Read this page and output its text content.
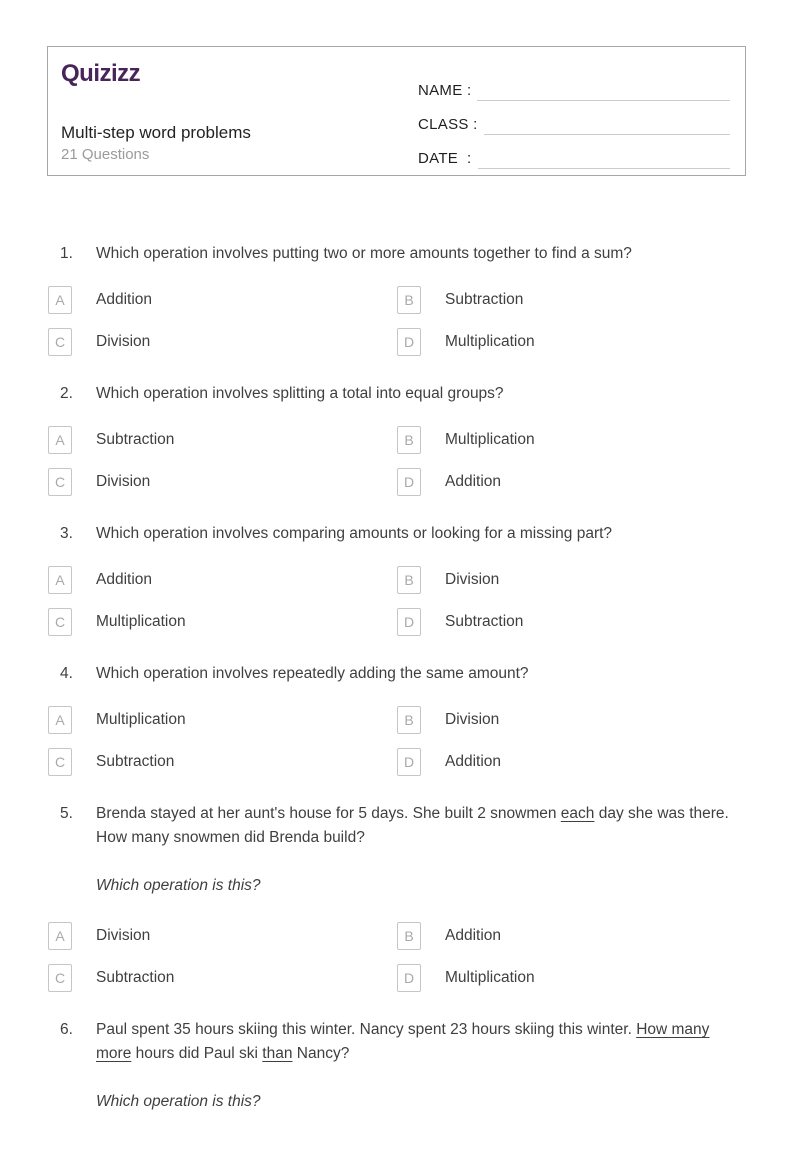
Quizizz
Multi-step word problems
21 Questions
NAME :
CLASS :
DATE  :
1.	Which operation involves putting two or more amounts together to find a sum?
A Addition	B Subtraction
C Division	D Multiplication
2.	Which operation involves splitting a total into equal groups?
A Subtraction	B Multiplication
C Division	D Addition
3.	Which operation involves comparing amounts or looking for a missing part?
A Addition	B Division
C Multiplication	D Subtraction
4.	Which operation involves repeatedly adding the same amount?
A Multiplication	B Division
C Subtraction	D Addition
5.	Brenda stayed at her aunt's house for 5 days. She built 2 snowmen each day she was there. How many snowmen did Brenda build?
Which operation is this?
A Division	B Addition
C Subtraction	D Multiplication
6.	Paul spent 35 hours skiing this winter. Nancy spent 23 hours skiing this winter. How many more hours did Paul ski than Nancy?
Which operation is this?
